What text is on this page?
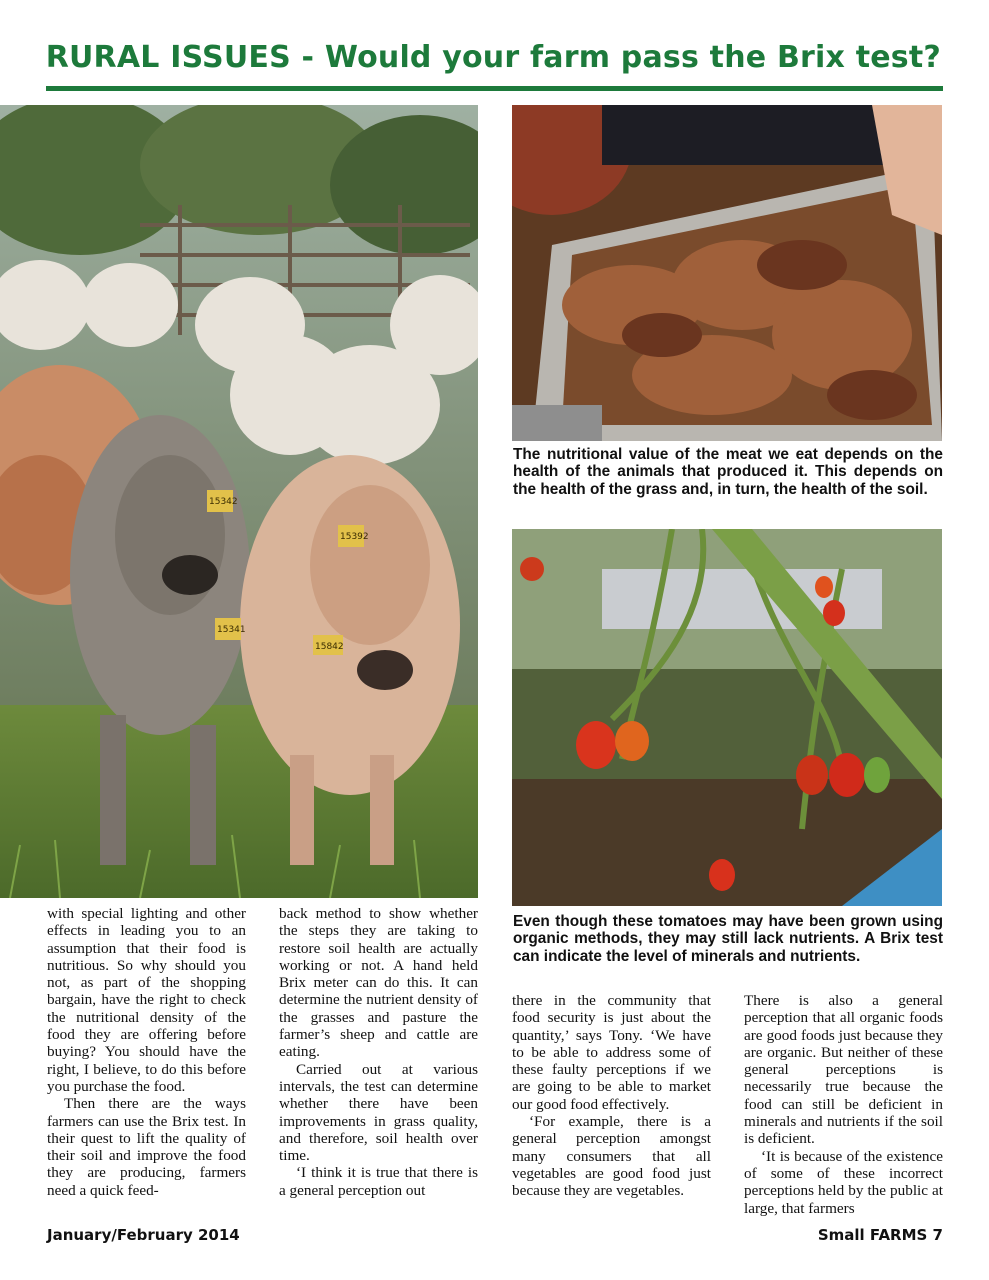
RURAL ISSUES - Would your farm pass the Brix test?
15342
15392
15341
15842
The nutritional value of the meat we eat depends on the health of the animals that produced it. This depends on the health of the grass and, in turn, the health of the soil.
Even though these tomatoes may have been grown using organic methods, they may still lack nutrients. A Brix test can indicate the level of minerals and nutrients.

with special lighting and other effects in leading you to an assumption that their food is nutritious. So why should you not, as part of the shopping bargain, have the right to check the nutritional density of the food they are offering before buying? You should have the right, I believe, to do this before you purchase the food.

Then there are the ways farmers can use the Brix test. In their quest to lift the quality of their soil and improve the food they are producing, farmers need a quick feed-

back method to show whether the steps they are taking to restore soil health are actually working or not. A hand held Brix meter can do this. It can determine the nutrient density of the grasses and pasture the farmer’s sheep and cattle are eating.

Carried out at various intervals, the test can determine whether there have been improvements in grass quality, and therefore, soil health over time.

‘I think it is true that there is a general perception out

there in the community that food security is just about the quantity,’ says Tony. ‘We have to be able to address some of these faulty perceptions if we are going to be able to market our good food effectively.

‘For example, there is a general perception amongst many consumers that all vegetables are good food just because they are vegetables.

There is also a general perception that all organic foods are good foods just because they are organic. But neither of these general perceptions is necessarily true because the food can still be deficient in minerals and nutrients if the soil is deficient.

‘It is because of the existence of some of these incorrect perceptions held by the public at large, that farmers

January/February 2014	Small FARMS 7
